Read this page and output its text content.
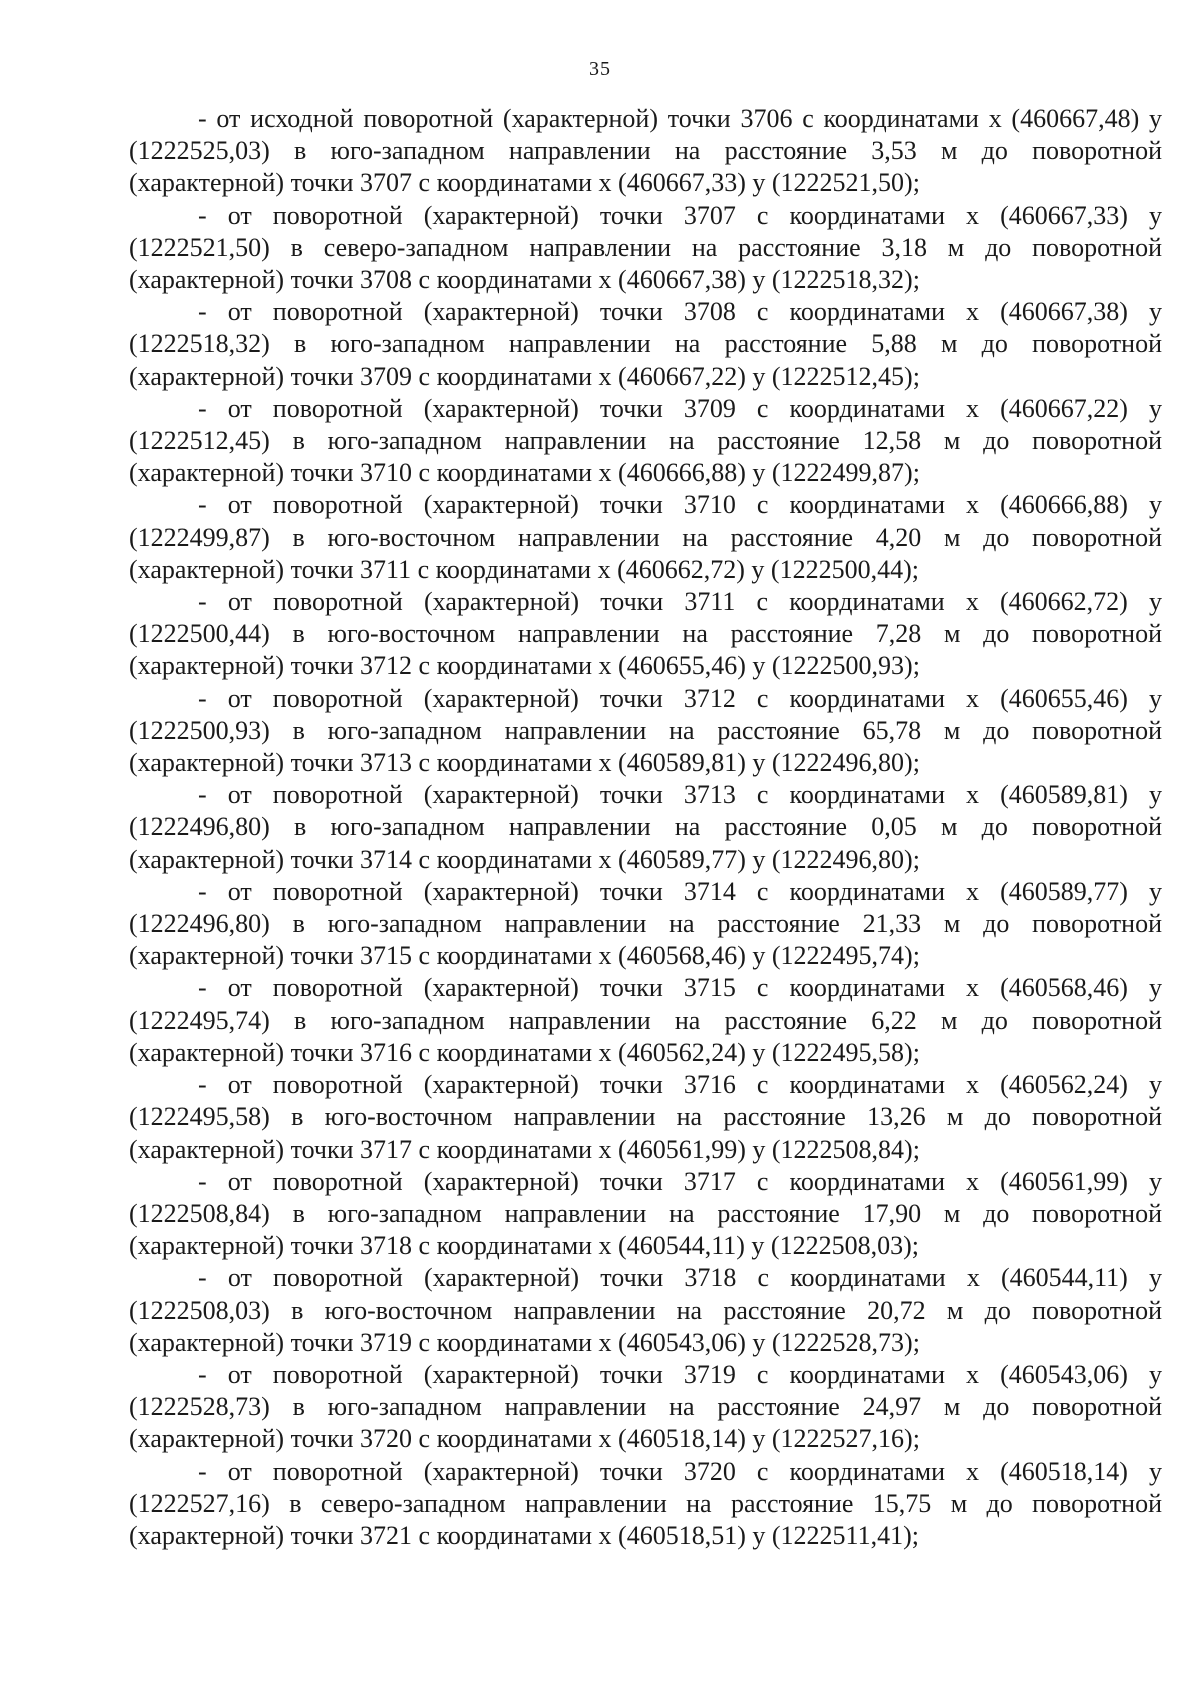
35

- от исходной поворотной (характерной) точки 3706 с координатами х (460667,48) у (1222525,03) в юго-западном направлении на расстояние 3,53 м до поворотной (характерной) точки 3707 с координатами х (460667,33) у (1222521,50);

- от поворотной (характерной) точки 3707 с координатами х (460667,33) у (1222521,50) в северо-западном направлении на расстояние 3,18 м до поворотной (характерной) точки 3708 с координатами х (460667,38) у (1222518,32);

- от поворотной (характерной) точки 3708 с координатами х (460667,38) у (1222518,32) в юго-западном направлении на расстояние 5,88 м до поворотной (характерной) точки 3709 с координатами х (460667,22) у (1222512,45);

- от поворотной (характерной) точки 3709 с координатами х (460667,22) у (1222512,45) в юго-западном направлении на расстояние 12,58 м до поворотной (характерной) точки 3710 с координатами х (460666,88) у (1222499,87);

- от поворотной (характерной) точки 3710 с координатами х (460666,88) у (1222499,87) в юго-восточном направлении на расстояние 4,20 м до поворотной (характерной) точки 3711 с координатами х (460662,72) у (1222500,44);

- от поворотной (характерной) точки 3711 с координатами х (460662,72) у (1222500,44) в юго-восточном направлении на расстояние 7,28 м до поворотной (характерной) точки 3712 с координатами х (460655,46) у (1222500,93);

- от поворотной (характерной) точки 3712 с координатами х (460655,46) у (1222500,93) в юго-западном направлении на расстояние 65,78 м до поворотной (характерной) точки 3713 с координатами х (460589,81) у (1222496,80);

- от поворотной (характерной) точки 3713 с координатами х (460589,81) у (1222496,80) в юго-западном направлении на расстояние 0,05 м до поворотной (характерной) точки 3714 с координатами х (460589,77) у (1222496,80);

- от поворотной (характерной) точки 3714 с координатами х (460589,77) у (1222496,80) в юго-западном направлении на расстояние 21,33 м до поворотной (характерной) точки 3715 с координатами х (460568,46) у (1222495,74);

- от поворотной (характерной) точки 3715 с координатами х (460568,46) у (1222495,74) в юго-западном направлении на расстояние 6,22 м до поворотной (характерной) точки 3716 с координатами х (460562,24) у (1222495,58);

- от поворотной (характерной) точки 3716 с координатами х (460562,24) у (1222495,58) в юго-восточном направлении на расстояние 13,26 м до поворотной (характерной) точки 3717 с координатами х (460561,99) у (1222508,84);

- от поворотной (характерной) точки 3717 с координатами х (460561,99) у (1222508,84) в юго-западном направлении на расстояние 17,90 м до поворотной (характерной) точки 3718 с координатами х (460544,11) у (1222508,03);

- от поворотной (характерной) точки 3718 с координатами х (460544,11) у (1222508,03) в юго-восточном направлении на расстояние 20,72 м до поворотной (характерной) точки 3719 с координатами х (460543,06) у (1222528,73);

- от поворотной (характерной) точки 3719 с координатами х (460543,06) у (1222528,73) в юго-западном направлении на расстояние 24,97 м до поворотной (характерной) точки 3720 с координатами х (460518,14) у (1222527,16);

- от поворотной (характерной) точки 3720 с координатами х (460518,14) у (1222527,16) в северо-западном направлении на расстояние 15,75 м до поворотной (характерной) точки 3721 с координатами х (460518,51) у (1222511,41);
